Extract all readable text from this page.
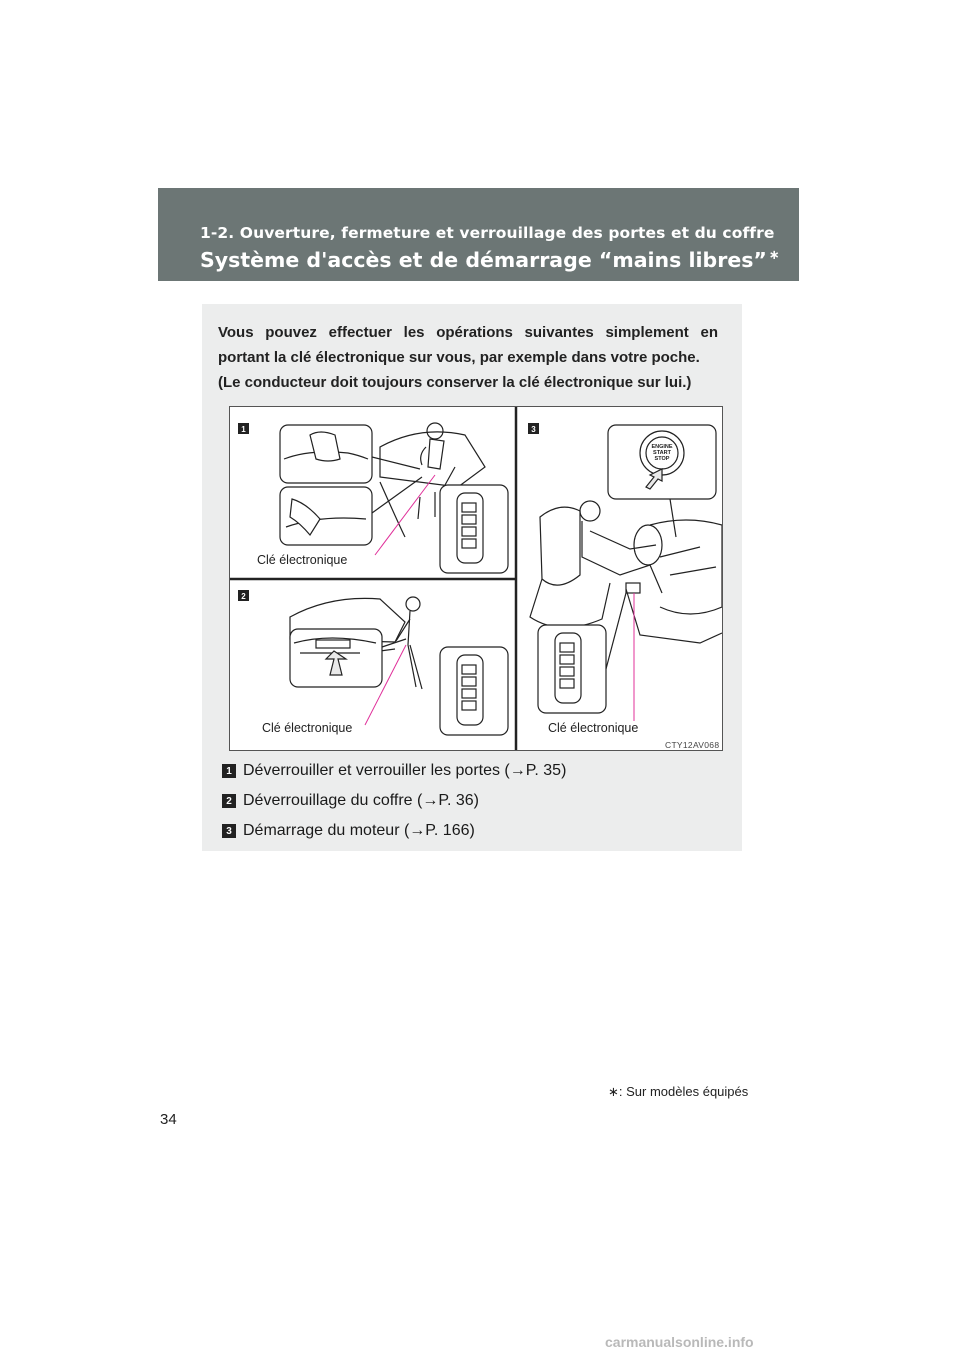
1-2. Ouverture, fermeture et verrouillage des portes et du coffre
Système d'accès et de démarrage “mains libres” ∗
Vous pouvez effectuer les opérations suivantes simplement en
portant la clé électronique sur vous, par exemple dans votre poche.
(Le conducteur doit toujours conserver la clé électronique sur lui.)
ENGINE
START
STOP
1
2
3
Clé électronique
Clé électronique	Clé électronique
CTY12AV068
1 Déverrouiller et verrouiller les portes ( → P. 35)
2 Déverrouillage du coffre ( → P. 36)
3 Démarrage du moteur ( → P. 166)
∗: Sur modèles équipés
34
carmanualsonline.info
